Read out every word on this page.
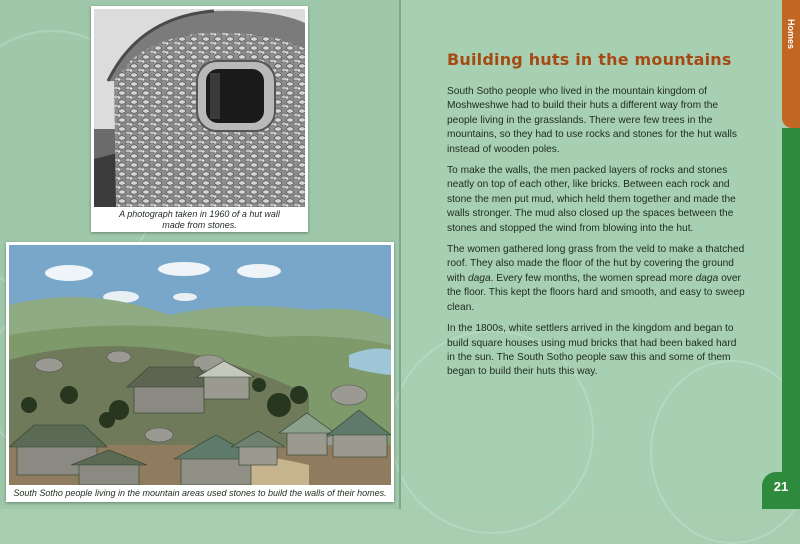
A photograph taken in 1960 of a hut wall made from stones.
South Sotho people living in the mountain areas used stones to build the walls of their homes.
Building huts in the mountains

South Sotho people who lived in the mountain kingdom of Moshweshwe had to build their huts a different way from the people living in the grasslands. There were few trees in the mountains, so they had to use rocks and stones for the hut walls instead of wooden poles.

To make the walls, the men packed layers of rocks and stones neatly on top of each other, like bricks. Between each rock and stone the men put mud, which held them together and made the walls stronger. The mud also closed up the spaces between the stones and stopped the wind from blowing into the hut.

The women gathered long grass from the veld to make a thatched roof. They also made the floor of the hut by covering the ground with daga. Every few months, the women spread more daga over the floor. This kept the floors hard and smooth, and easy to sweep clean.

In the 1800s, white settlers arrived in the kingdom and began to build square houses using mud bricks that had been baked hard in the sun. The South Sotho people saw this and some of them began to build their huts this way.

Homes
21
